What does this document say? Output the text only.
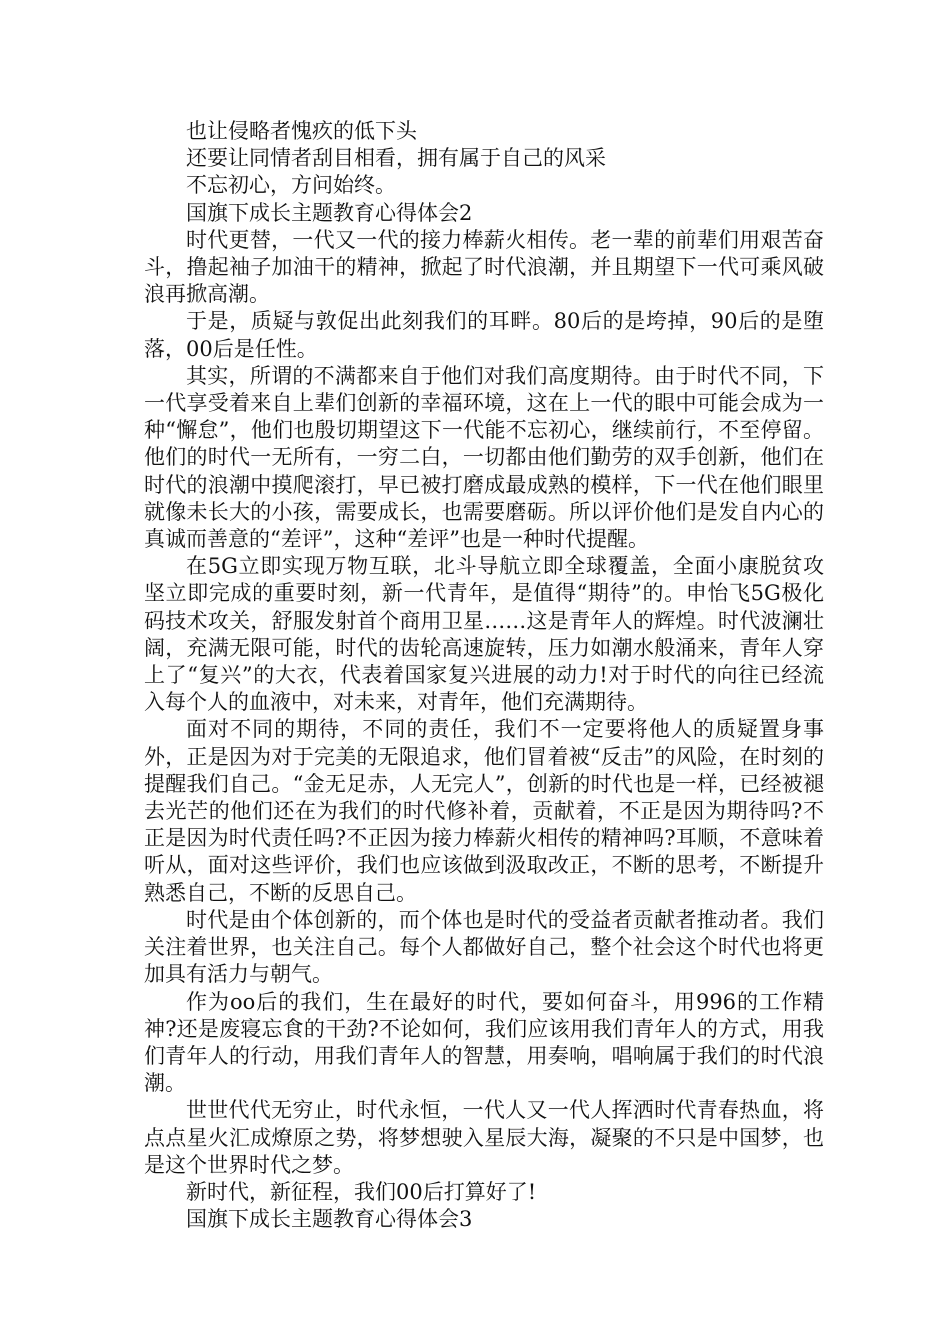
也让侵略者愧疚的低下头

还要让同情者刮目相看，拥有属于自己的风采

不忘初心，方问始终。

国旗下成长主题教育心得体会2

时代更替，一代又一代的接力棒薪火相传。老一辈的前辈们用艰苦奋斗，撸起袖子加油干的精神，掀起了时代浪潮，并且期望下一代可乘风破浪再掀高潮。

于是，质疑与敦促出此刻我们的耳畔。80后的是垮掉，90后的是堕落，00后是任性。

其实，所谓的不满都来自于他们对我们高度期待。由于时代不同，下一代享受着来自上辈们创新的幸福环境，这在上一代的眼中可能会成为一种“懈怠”，他们也殷切期望这下一代能不忘初心，继续前行，不至停留。他们的时代一无所有，一穷二白，一切都由他们勤劳的双手创新，他们在时代的浪潮中摸爬滚打，早已被打磨成最成熟的模样，下一代在他们眼里就像未长大的小孩，需要成长，也需要磨砺。所以评价他们是发自内心的真诚而善意的“差评”，这种“差评”也是一种时代提醒。

在5G立即实现万物互联，北斗导航立即全球覆盖，全面小康脱贫攻坚立即完成的重要时刻，新一代青年，是值得“期待”的。申怡飞5G极化码技术攻关，舒服发射首个商用卫星……这是青年人的辉煌。时代波澜壮阔，充满无限可能，时代的齿轮高速旋转，压力如潮水般涌来，青年人穿上了“复兴”的大衣，代表着国家复兴进展的动力!对于时代的向往已经流入每个人的血液中，对未来，对青年，他们充满期待。

面对不同的期待，不同的责任，我们不一定要将他人的质疑置身事外，正是因为对于完美的无限追求，他们冒着被“反击”的风险，在时刻的提醒我们自己。“金无足赤，人无完人”，创新的时代也是一样，已经被褪去光芒的他们还在为我们的时代修补着，贡献着，不正是因为期待吗?不正是因为时代责任吗?不正因为接力棒薪火相传的精神吗?耳顺，不意味着听从，面对这些评价，我们也应该做到汲取改正，不断的思考，不断提升熟悉自己，不断的反思自己。

时代是由个体创新的，而个体也是时代的受益者贡献者推动者。我们关注着世界，也关注自己。每个人都做好自己，整个社会这个时代也将更加具有活力与朝气。

作为oo后的我们，生在最好的时代，要如何奋斗，用996的工作精神?还是废寝忘食的干劲?不论如何，我们应该用我们青年人的方式，用我们青年人的行动，用我们青年人的智慧，用奏响，唱响属于我们的时代浪潮。

世世代代无穷止，时代永恒，一代人又一代人挥洒时代青春热血，将点点星火汇成燎原之势，将梦想驶入星辰大海，凝聚的不只是中国梦，也是这个世界时代之梦。

新时代，新征程，我们00后打算好了!

国旗下成长主题教育心得体会3
